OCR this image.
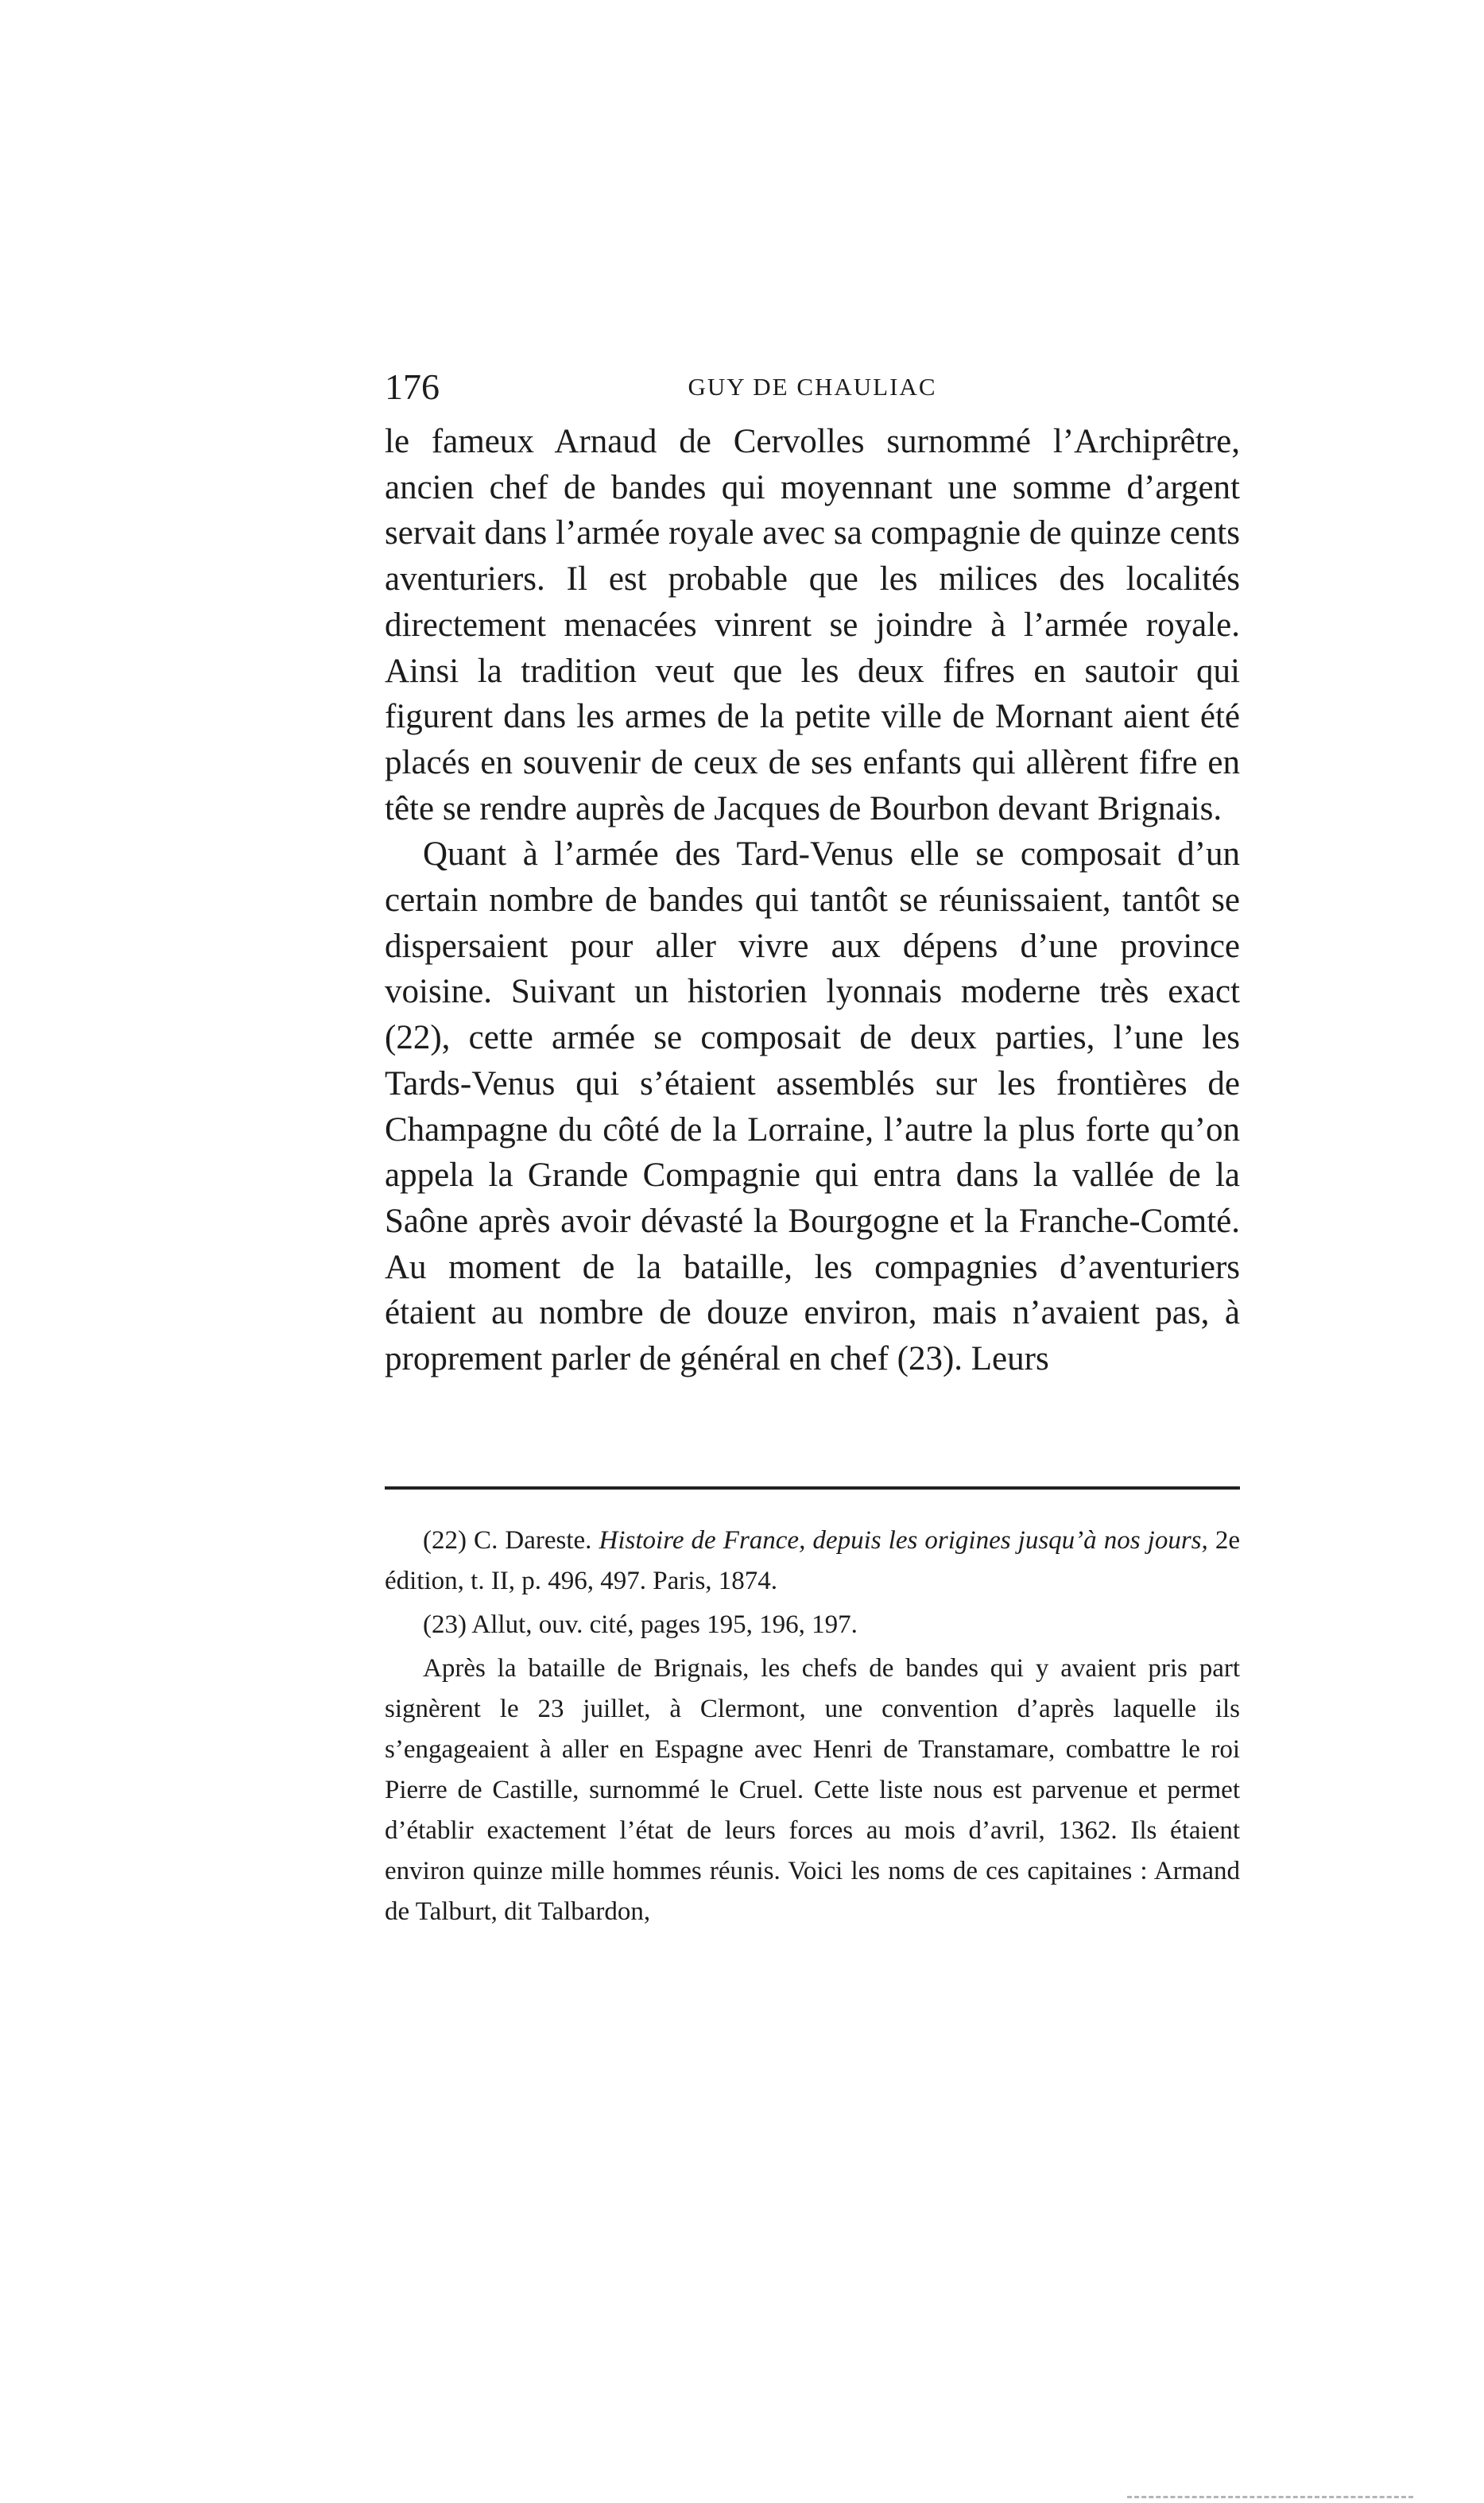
176	GUY DE CHAULIAC

le fameux Arnaud de Cervolles surnommé l’Archiprêtre, ancien chef de bandes qui moyennant une somme d’argent servait dans l’armée royale avec sa compagnie de quinze cents aventuriers. Il est probable que les milices des localités directement menacées vinrent se joindre à l’armée royale. Ainsi la tradition veut que les deux fifres en sautoir qui figurent dans les armes de la petite ville de Mornant aient été placés en souvenir de ceux de ses enfants qui allèrent fifre en tête se rendre auprès de Jacques de Bourbon devant Brignais.

Quant à l’armée des Tard-Venus elle se composait d’un certain nombre de bandes qui tantôt se réunissaient, tantôt se dispersaient pour aller vivre aux dépens d’une province voisine. Suivant un historien lyonnais moderne très exact (22), cette armée se composait de deux parties, l’une les Tards-Venus qui s’étaient assemblés sur les frontières de Champagne du côté de la Lorraine, l’autre la plus forte qu’on appela la Grande Compagnie qui entra dans la vallée de la Saône après avoir dévasté la Bourgogne et la Franche-Comté. Au moment de la bataille, les compagnies d’aventuriers étaient au nombre de douze environ, mais n’avaient pas, à proprement parler de général en chef (23). Leurs

(22) C. Dareste. Histoire de France, depuis les origines jusqu’à nos jours, 2e édition, t. II, p. 496, 497. Paris, 1874.

(23) Allut, ouv. cité, pages 195, 196, 197.

Après la bataille de Brignais, les chefs de bandes qui y avaient pris part signèrent le 23 juillet, à Clermont, une convention d’après laquelle ils s’engageaient à aller en Espagne avec Henri de Transtamare, combattre le roi Pierre de Castille, surnommé le Cruel. Cette liste nous est parvenue et permet d’établir exactement l’état de leurs forces au mois d’avril, 1362. Ils étaient environ quinze mille hommes réunis. Voici les noms de ces capitaines : Armand de Talburt, dit Talbardon,
